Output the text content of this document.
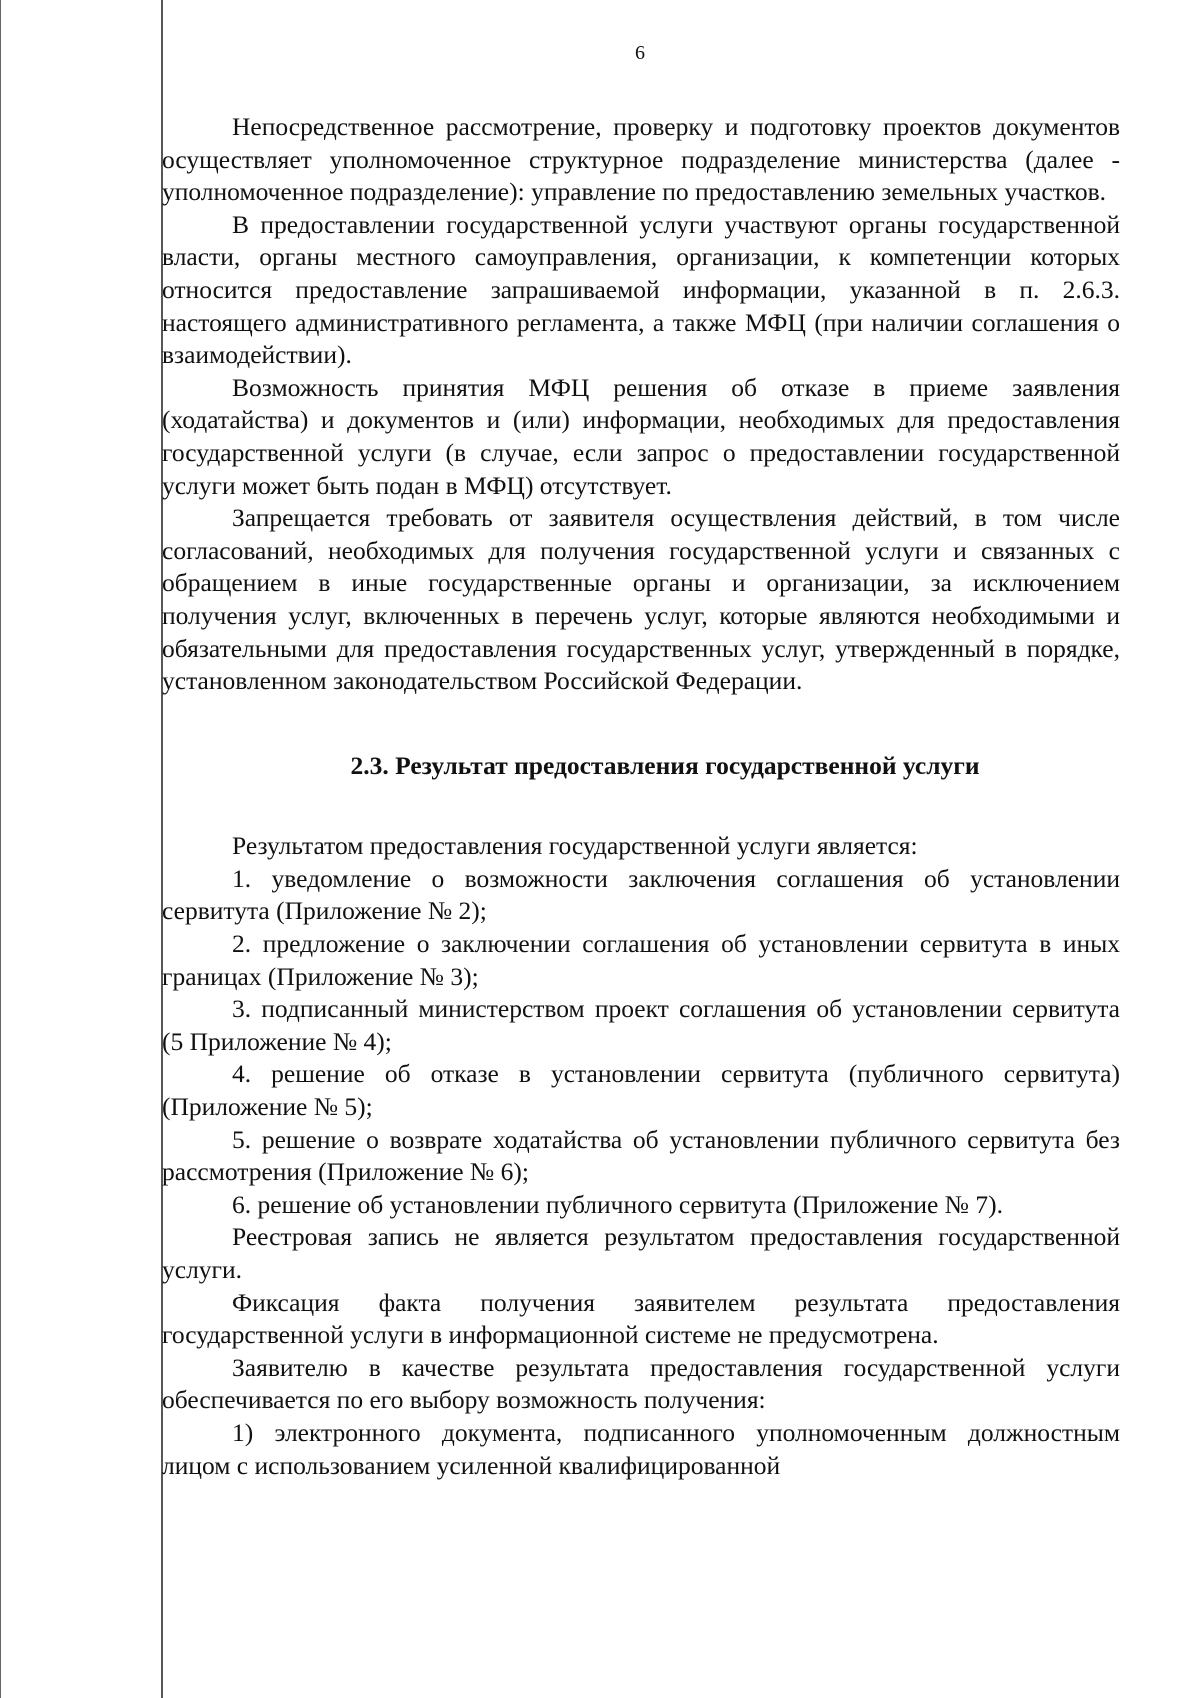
6

Непосредственное рассмотрение, проверку и подготовку проектов документов осуществляет уполномоченное структурное подразделение министерства (далее - уполномоченное подразделение): управление по предоставлению земельных участков.

В предоставлении государственной услуги участвуют органы государственной власти, органы местного самоуправления, организации, к компетенции которых относится предоставление запрашиваемой информации, указанной в п. 2.6.3. настоящего административного регламента, а также МФЦ (при наличии соглашения о взаимодействии).

Возможность принятия МФЦ решения об отказе в приеме заявления (ходатайства) и документов и (или) информации, необходимых для предоставления государственной услуги (в случае, если запрос о предоставлении государственной услуги может быть подан в МФЦ) отсутствует.

Запрещается требовать от заявителя осуществления действий, в том числе согласований, необходимых для получения государственной услуги и связанных с обращением в иные государственные органы и организации, за исключением получения услуг, включенных в перечень услуг, которые являются необходимыми и обязательными для предоставления государственных услуг, утвержденный в порядке, установленном законодательством Российской Федерации.

2.3. Результат предоставления государственной услуги

Результатом предоставления государственной услуги является:

1. уведомление о возможности заключения соглашения об установлении сервитута (Приложение № 2);

2. предложение о заключении соглашения об установлении сервитута в иных границах (Приложение № 3);

3. подписанный министерством проект соглашения об установлении сервитута (5 Приложение № 4);

4. решение об отказе в установлении сервитута (публичного сервитута) (Приложение № 5);

5. решение о возврате ходатайства об установлении публичного сервитута без рассмотрения (Приложение № 6);

6. решение об установлении публичного сервитута (Приложение № 7).

Реестровая запись не является результатом предоставления государственной услуги.

Фиксация факта получения заявителем результата предоставления государственной услуги в информационной системе не предусмотрена.

Заявителю в качестве результата предоставления государственной услуги обеспечивается по его выбору возможность получения:

1) электронного документа, подписанного уполномоченным должностным лицом с использованием усиленной квалифицированной
